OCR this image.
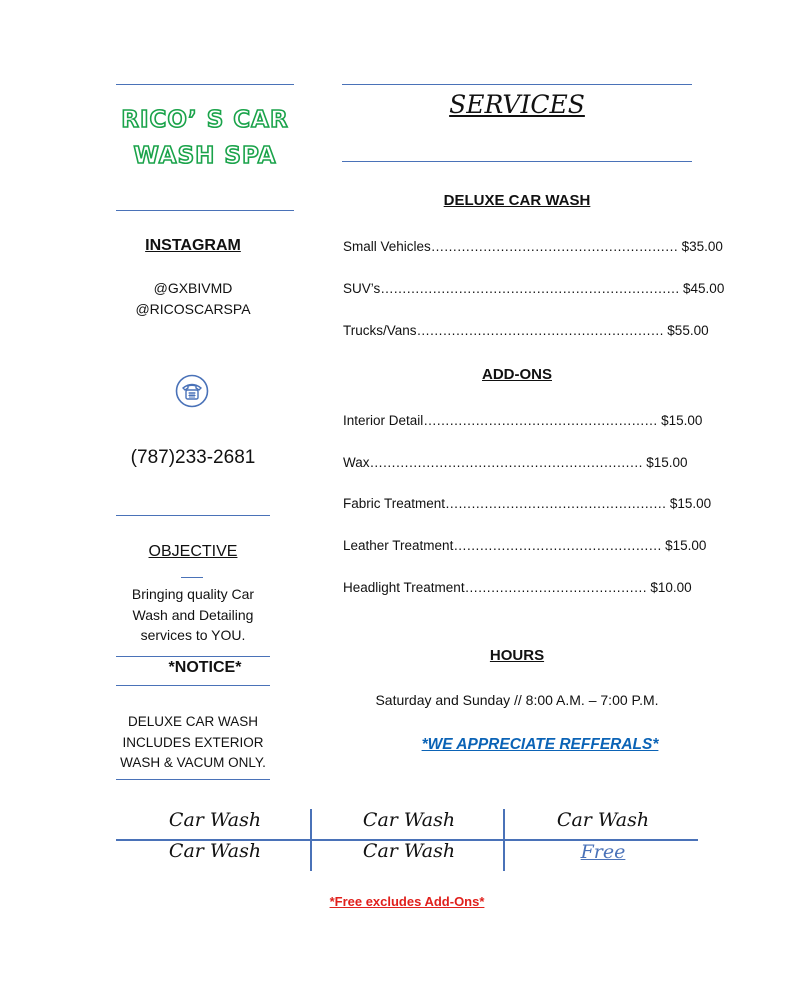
RICO’ S CAR
WASH SPA
INSTAGRAM
@GXBIVMD
@RICOSCARSPA
(787)233-2681
OBJECTIVE
Bringing quality Car Wash and Detailing services to YOU.
*NOTICE*
DELUXE CAR WASH INCLUDES EXTERIOR WASH & VACUM ONLY.
SERVICES
DELUXE CAR WASH
Small Vehicles………………………………………………… $35.00
SUV’s…………………………………………………………… $45.00
Trucks/Vans………………………………………………… $55.00
ADD-ONS
Interior Detail……………………………………………… $15.00
Wax……………………………………………………… $15.00
Fabric Treatment…………………………………………… $15.00
Leather Treatment………………………………………… $15.00
Headlight Treatment…………………………………… $10.00
HOURS
Saturday and Sunday // 8:00 A.M. – 7:00 P.M.
*WE APPRECIATE REFFERALS*
Car Wash	Car Wash	Car Wash
Car Wash	Car Wash	Free
*Free excludes Add-Ons*
